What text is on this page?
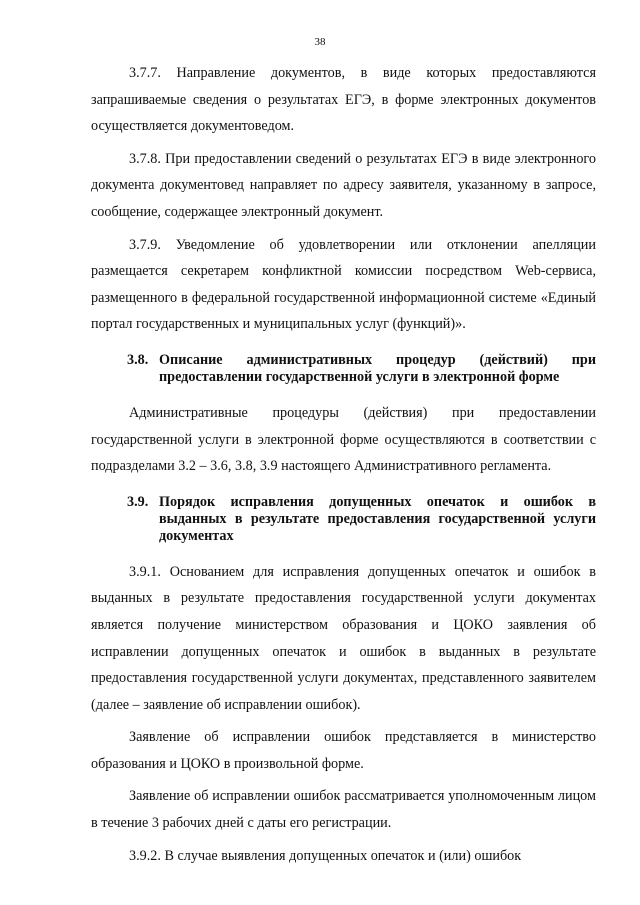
38

3.7.7. Направление документов, в виде которых предоставляются запрашиваемые сведения о результатах ЕГЭ, в форме электронных документов осуществляется документоведом.

3.7.8. При предоставлении сведений о результатах ЕГЭ в виде электронного документа документовед направляет по адресу заявителя, указанному в запросе, сообщение, содержащее электронный документ.

3.7.9. Уведомление об удовлетворении или отклонении апелляции размещается секретарем конфликтной комиссии посредством Web-сервиса, размещенного в федеральной государственной информационной системе «Единый портал государственных и муниципальных услуг (функций)».

3.8. Описание административных процедур (действий) при предоставлении государственной услуги в электронной форме

Административные процедуры (действия) при предоставлении государственной услуги в электронной форме осуществляются в соответствии с подразделами 3.2 – 3.6, 3.8, 3.9 настоящего Административного регламента.

3.9. Порядок исправления допущенных опечаток и ошибок в выданных в результате предоставления государственной услуги документах

3.9.1. Основанием для исправления допущенных опечаток и ошибок в выданных в результате предоставления государственной услуги документах является получение министерством образования и ЦОКО заявления об исправлении допущенных опечаток и ошибок в выданных в результате предоставления государственной услуги документах, представленного заявителем (далее – заявление об исправлении ошибок).

Заявление об исправлении ошибок представляется в министерство образования и ЦОКО в произвольной форме.

Заявление об исправлении ошибок рассматривается уполномоченным лицом в течение 3 рабочих дней с даты его регистрации.

3.9.2. В случае выявления допущенных опечаток и (или) ошибок
